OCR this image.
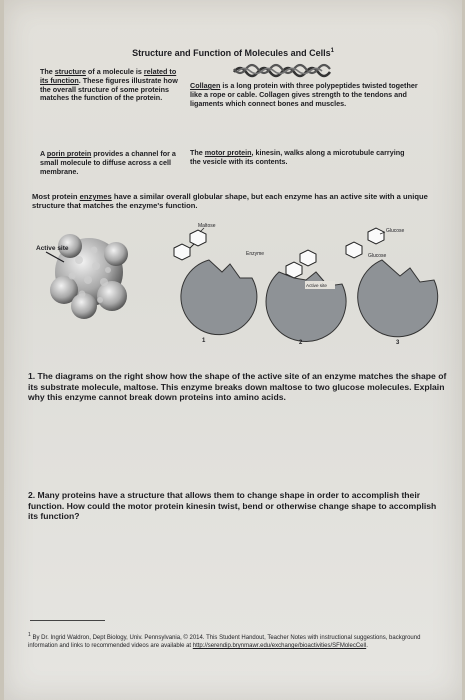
Structure and Function of Molecules and Cells$^1$
The structure of a molecule is related to its function. These figures illustrate how the overall structure of some proteins matches the function of the protein.
Collagen is a long protein with three polypeptides twisted together like a rope or cable. Collagen gives strength to the tendons and ligaments which connect bones and muscles.
A porin protein provides a channel for a small molecule to diffuse across a cell membrane.
The motor protein, kinesin, walks along a microtubule carrying the vesicle with its contents.
Most protein enzymes have a similar overall globular shape, but each enzyme has an active site with a unique structure that matches the enzyme's function.
Active site
Maltose
1
Enzyme
Active site
2
Glucose
Glucose
3
1. The diagrams on the right show how the shape of the active site of an enzyme matches the shape of its substrate molecule, maltose. This enzyme breaks down maltose to two glucose molecules. Explain why this enzyme cannot break down proteins into amino acids.
2. Many proteins have a structure that allows them to change shape in order to accomplish their function. How could the motor protein kinesin twist, bend or otherwise change shape to accomplish its function?
$^1$ By Dr. Ingrid Waldron, Dept Biology, Univ. Pennsylvania, © 2014. This Student Handout, Teacher Notes with instructional suggestions, background information and links to recommended videos are available at http://serendip.brynmawr.edu/exchange/bioactivities/SFMolecCell.
